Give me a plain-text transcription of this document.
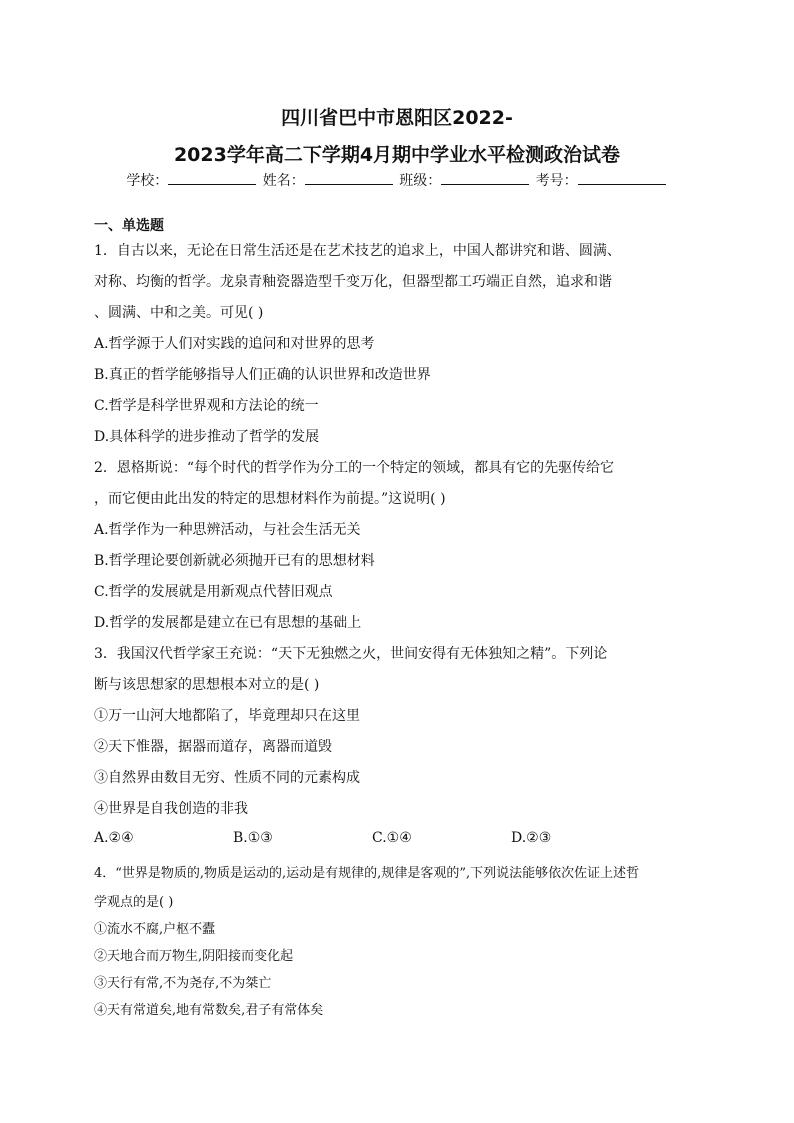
四川省巴中市恩阳区2022-
2023学年高二下学期4月期中学业水平检测政治试卷
学校：	姓名：	班级：	考号：
一、单选题
1．自古以来，无论在日常生活还是在艺术技艺的追求上，中国人都讲究和谐、圆满、
对称、均衡的哲学。龙泉青釉瓷器造型千变万化，但器型都工巧端正自然，追求和谐
、圆满、中和之美。可见( )
A.哲学源于人们对实践的追问和对世界的思考
B.真正的哲学能够指导人们正确的认识世界和改造世界
C.哲学是科学世界观和方法论的统一
D.具体科学的进步推动了哲学的发展
2．恩格斯说：“每个时代的哲学作为分工的一个特定的领域，都具有它的先驱传给它
，而它便由此出发的特定的思想材料作为前提。”这说明( )
A.哲学作为一种思辨活动，与社会生活无关
B.哲学理论要创新就必须抛开已有的思想材料
C.哲学的发展就是用新观点代替旧观点
D.哲学的发展都是建立在已有思想的基础上
3．我国汉代哲学家王充说：“天下无独燃之火，世间安得有无体独知之精”。下列论
断与该思想家的思想根本对立的是( )
①万一山河大地都陷了，毕竟理却只在这里
②天下惟器，据器而道存，离器而道毁
③自然界由数目无穷、性质不同的元素构成
④世界是自我创造的非我
A.②④	B.①③	C.①④	D.②③
4．“世界是物质的,物质是运动的,运动是有规律的,规律是客观的”,下列说法能够依次佐证上述哲
学观点的是( )
①流水不腐,户枢不蠹
②天地合而万物生,阴阳接而变化起
③天行有常,不为尧存,不为桀亡
④天有常道矣,地有常数矣,君子有常体矣
